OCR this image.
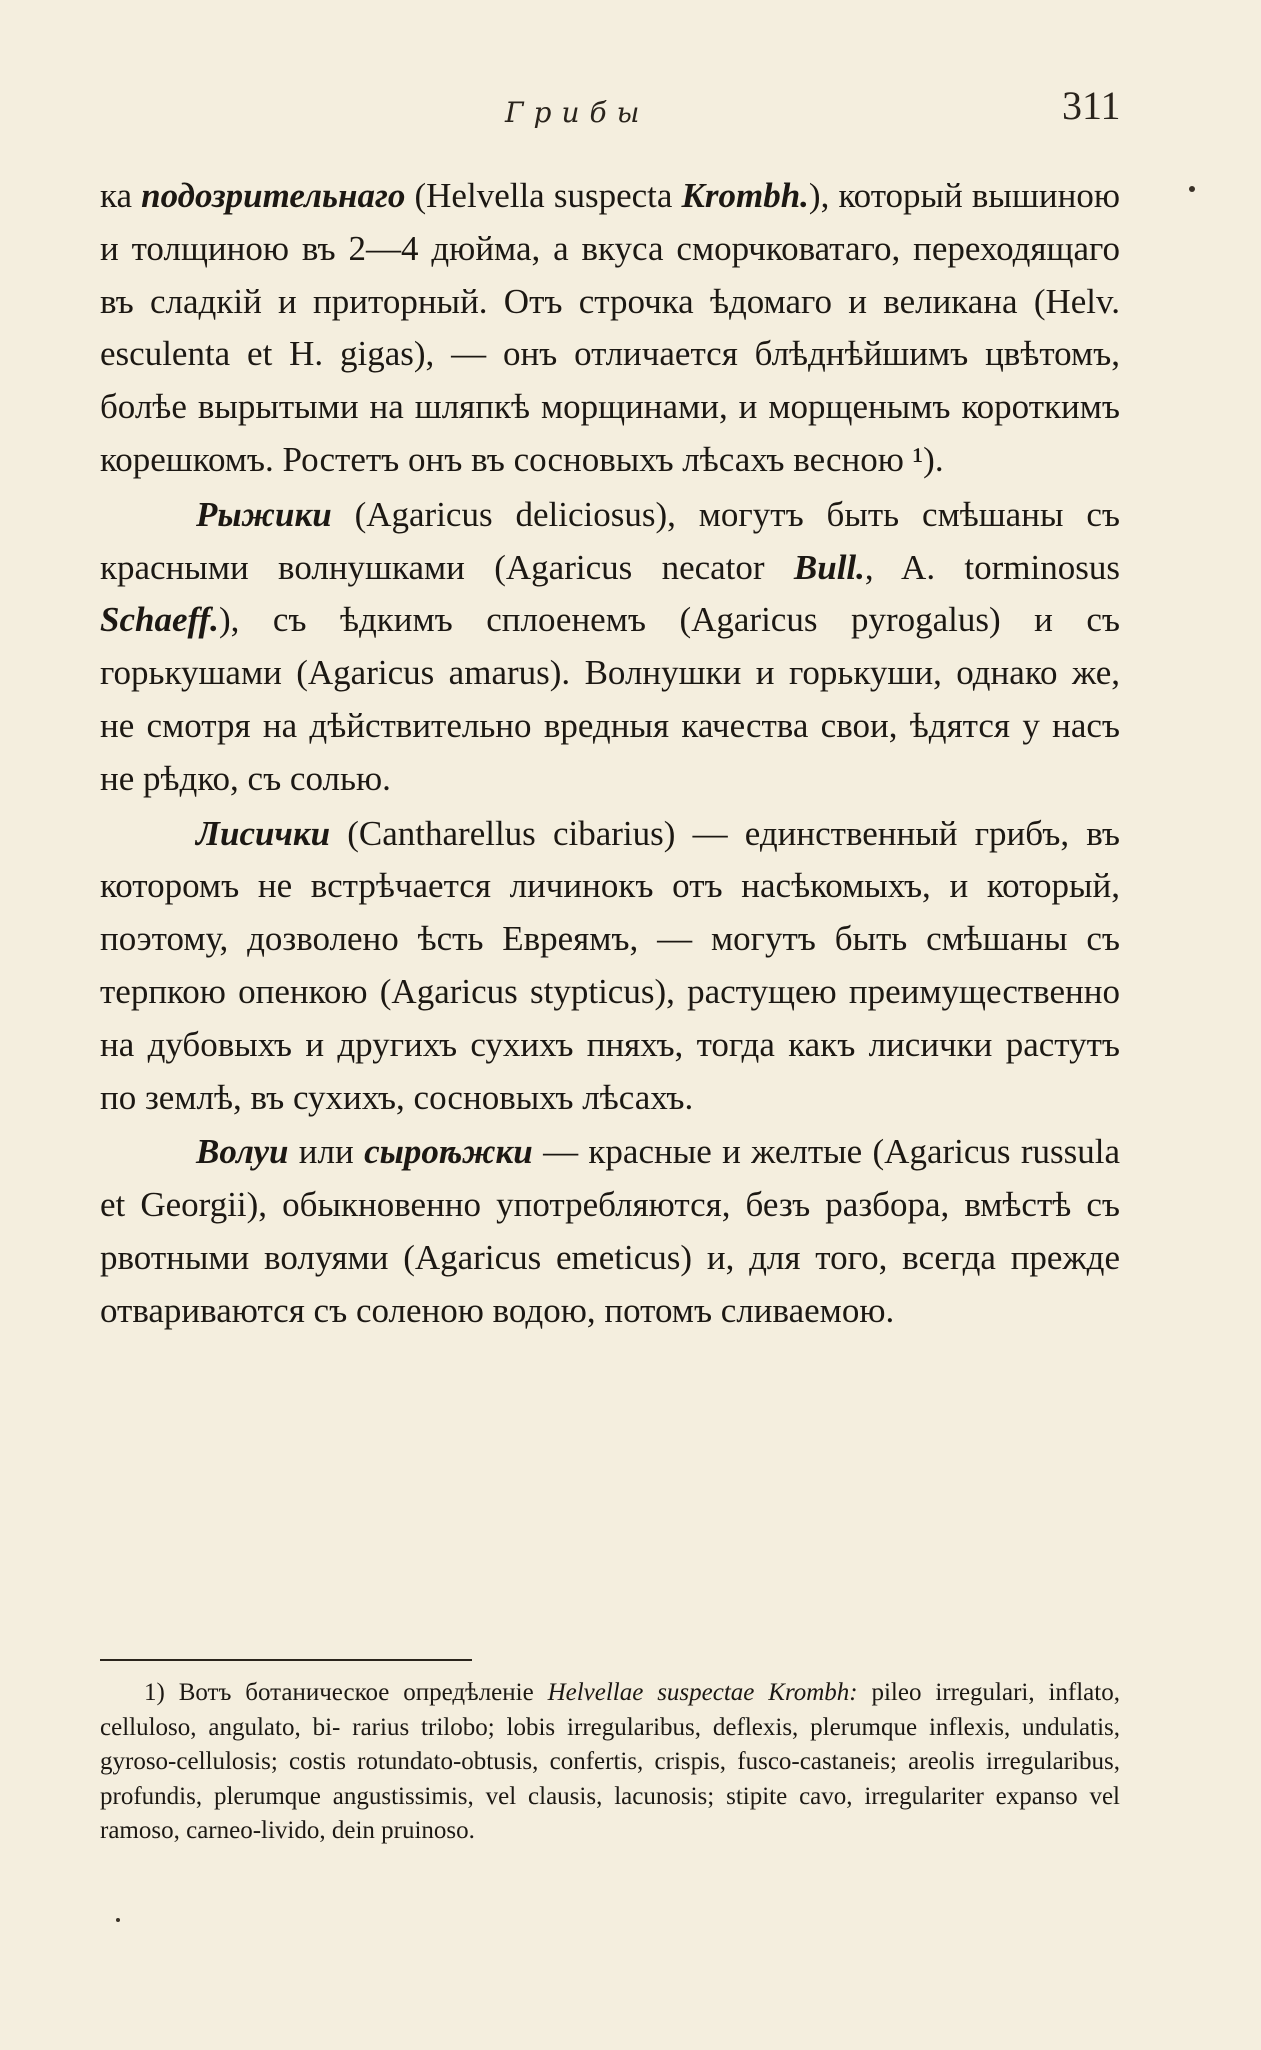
Грибы	311

ка подозрительнаго (Helvella suspecta Krombh.), который вышиною и толщиною въ 2—4 дюйма, а вкуса сморчковатаго, переходящаго въ сладкій и приторный. Отъ строчка ѣдомаго и великана (Helv. esculenta et H. gigas), — онъ отличается блѣднѣйшимъ цвѣтомъ, болѣе вырытыми на шляпкѣ морщинами, и морщенымъ короткимъ корешкомъ. Ростетъ онъ въ сосновыхъ лѣсахъ весною ¹).

Рыжики (Agaricus deliciosus), могутъ быть смѣшаны съ красными волнушками (Agaricus necator Bull., A. torminosus Schaeff.), съ ѣдкимъ сплоенемъ (Agaricus pyrogalus) и съ горькушами (Agaricus amarus). Волнушки и горькуши, однако же, не смотря на дѣйствительно вредныя качества свои, ѣдятся у насъ не рѣдко, съ солью.

Лисички (Cantharellus cibarius) — единственный грибъ, въ которомъ не встрѣчается личинокъ отъ насѣкомыхъ, и который, поэтому, дозволено ѣсть Евреямъ, — могутъ быть смѣшаны съ терпкою опенкою (Agaricus stypticus), растущею преимущественно на дубовыхъ и другихъ сухихъ пняхъ, тогда какъ лисички растутъ по землѣ, въ сухихъ, сосновыхъ лѣсахъ.

Волуи или сыроѣжки — красные и желтые (Agaricus russula et Georgii), обыкновенно употребляются, безъ разбора, вмѣстѣ съ рвотными волуями (Agaricus emeticus) и, для того, всегда прежде отвариваются съ соленою водою, потомъ сливаемою.

1) Вотъ ботаническое опредѣленіе Helvellae suspectae Krombh: pileo irregulari, inflato, celluloso, angulato, bi- rarius trilobo; lobis irregularibus, deflexis, plerumque inflexis, undulatis, gyroso-cellulosis; costis rotundato-obtusis, confertis, crispis, fusco-castaneis; areolis irregularibus, profundis, plerumque angustissimis, vel clausis, lacunosis; stipite cavo, irregulariter expanso vel ramoso, carneo-livido, dein pruinoso.
